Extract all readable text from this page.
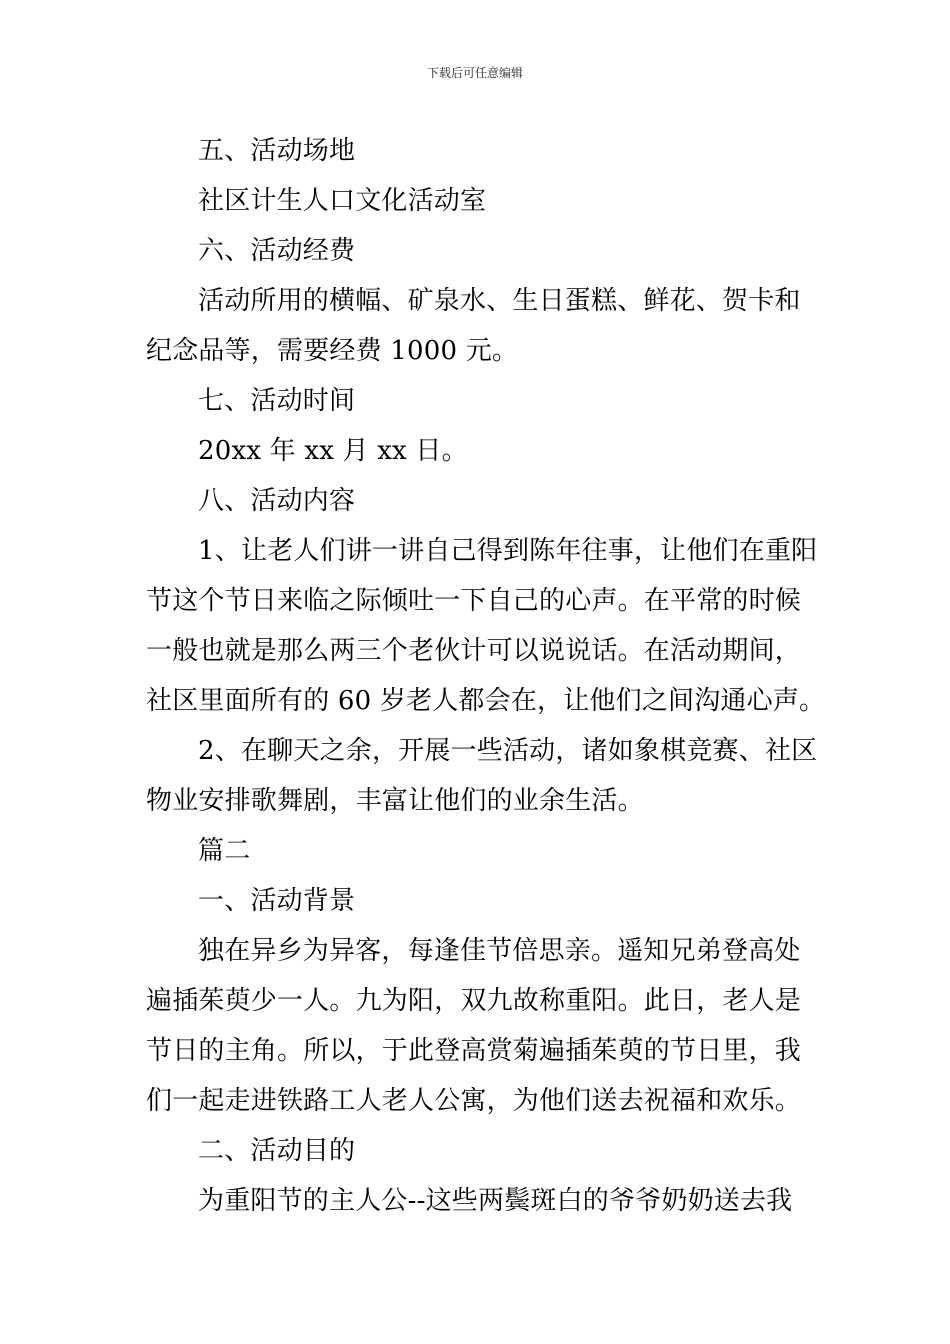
下载后可任意编辑

五、活动场地

社区计生人口文化活动室

六、活动经费

活动所用的横幅、矿泉水、生日蛋糕、鲜花、贺卡和
纪念品等，需要经费 1000 元。

七、活动时间

20xx 年 xx 月 xx 日。

八、活动内容

1、让老人们讲一讲自己得到陈年往事，让他们在重阳
节这个节日来临之际倾吐一下自己的心声。在平常的时候
一般也就是那么两三个老伙计可以说说话。在活动期间，
社区里面所有的 60 岁老人都会在，让他们之间沟通心声。

2、在聊天之余，开展一些活动，诸如象棋竞赛、社区
物业安排歌舞剧，丰富让他们的业余生活。

篇二

一、活动背景

独在异乡为异客，每逢佳节倍思亲。遥知兄弟登高处
遍插茱萸少一人。九为阳，双九故称重阳。此日，老人是
节日的主角。所以，于此登高赏菊遍插茱萸的节日里，我
们一起走进铁路工人老人公寓，为他们送去祝福和欢乐。

二、活动目的

为重阳节的主人公--这些两鬓斑白的爷爷奶奶送去我
